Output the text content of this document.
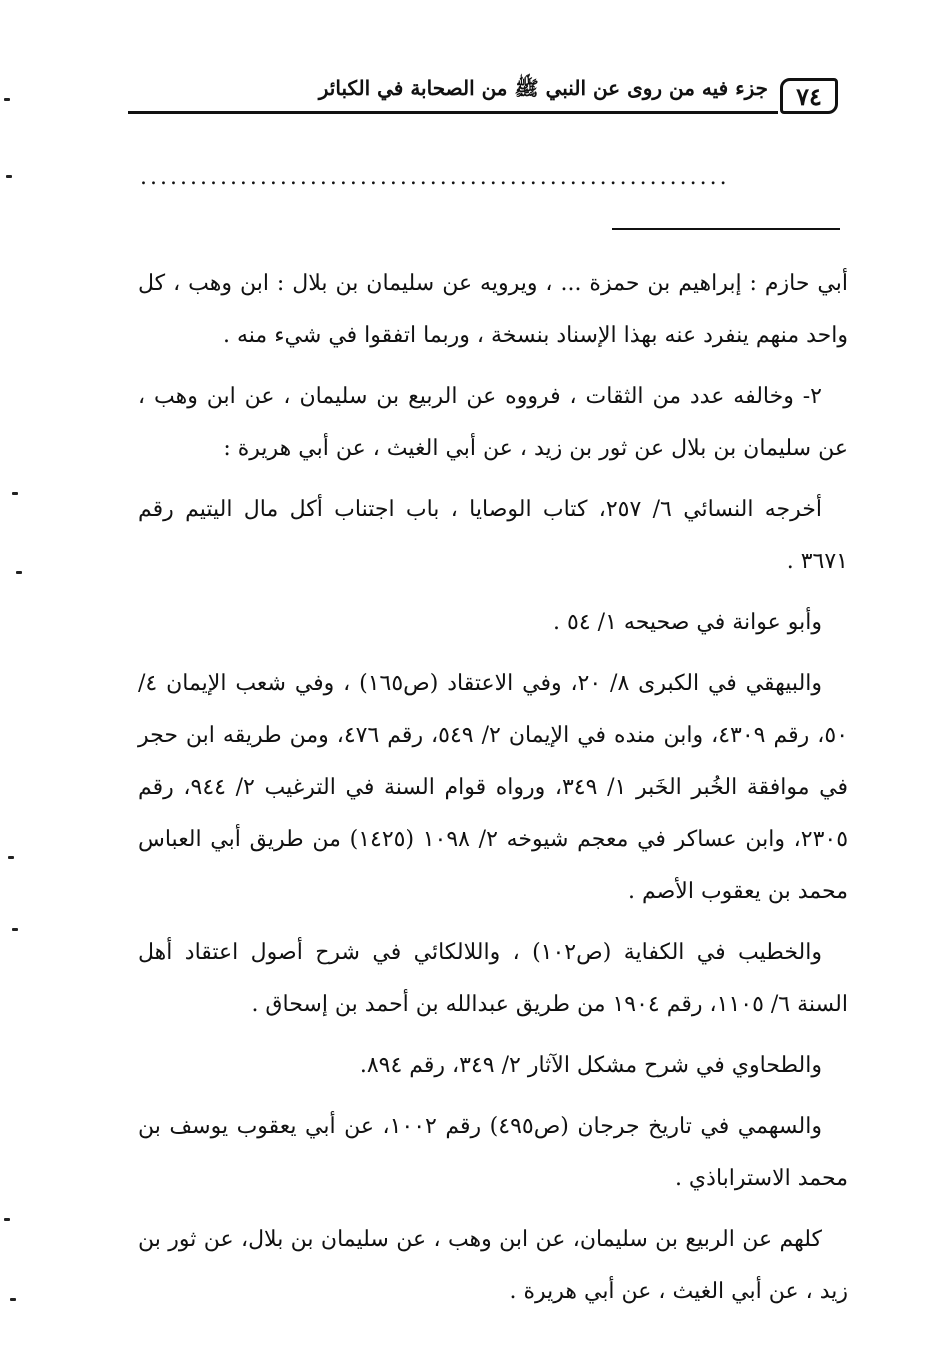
جزء فيه من روى عن النبي ﷺ من الصحابة في الكبائر	٧٤
...........................................................

أبي حازم : إبراهيم بن حمزة ... ، ويرويه عن سليمان بن بلال : ابن وهب ، كل واحد منهم ينفرد عنه بهذا الإسناد بنسخة ، وربما اتفقوا في شيء منه .

٢- وخالفه عدد من الثقات ، فرووه عن الربيع بن سليمان ، عن ابن وهب ، عن سليمان بن بلال عن ثور بن زيد ، عن أبي الغيث ، عن أبي هريرة :

أخرجه النسائي ٦/ ٢٥٧، كتاب الوصايا ، باب اجتناب أكل مال اليتيم رقم ٣٦٧١ .

وأبو عوانة في صحيحه ١/ ٥٤ .

والبيهقي في الكبرى ٨/ ٢٠، وفي الاعتقاد (ص١٦٥) ، وفي شعب الإيمان ٤/ ٥٠، رقم ٤٣٠٩، وابن منده في الإيمان ٢/ ٥٤٩، رقم ٤٧٦، ومن طريقه ابن حجر في موافقة الخُبر الخَبر ١/ ٣٤٩، ورواه قوام السنة في الترغيب ٢/ ٩٤٤، رقم ٢٣٠٥، وابن عساكر في معجم شيوخه ٢/ ١٠٩٨ (١٤٢٥) من طريق أبي العباس محمد بن يعقوب الأصم .

والخطيب في الكفاية (ص١٠٢) ، واللالكائي في شرح أصول اعتقاد أهل السنة ٦/ ١١٠٥، رقم ١٩٠٤ من طريق عبدالله بن أحمد بن إسحاق .

والطحاوي في شرح مشكل الآثار ٢/ ٣٤٩، رقم ٨٩٤.

والسهمي في تاريخ جرجان (ص٤٩٥) رقم ١٠٠٢، عن أبي يعقوب يوسف بن محمد الاستراباذي .

كلهم عن الربيع بن سليمان، عن ابن وهب ، عن سليمان بن بلال، عن ثور بن زيد ، عن أبي الغيث ، عن أبي هريرة .
